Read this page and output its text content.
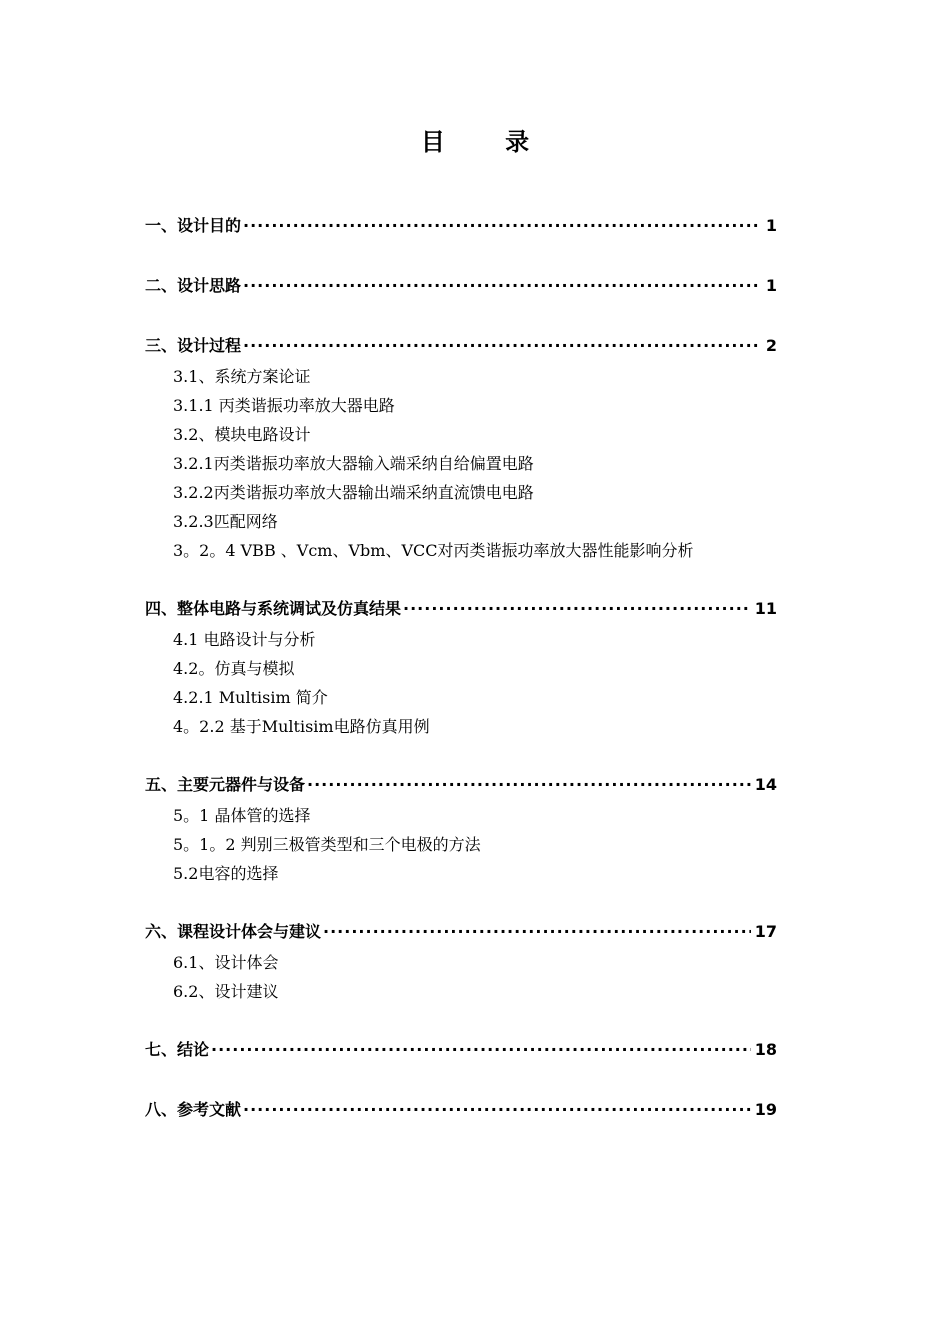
目 录
一、设计目的 ·····	1
二、设计思路 ·····	1
三、设计过程 ·····	2
3.1、系统方案论证
3.1.1 丙类谐振功率放大器电路
3.2、模块电路设计
3.2.1丙类谐振功率放大器输入端采纳自给偏置电路
3.2.2丙类谐振功率放大器输出端采纳直流馈电电路
3.2.3匹配网络
3。2。4 VBB 、Vcm、Vbm、VCC对丙类谐振功率放大器性能影响分析
四、整体电路与系统调试及仿真结果 ·····	11
4.1 电路设计与分析
4.2。仿真与模拟
4.2.1 Multisim 简介
4。2.2 基于Multisim电路仿真用例
五、主要元器件与设备 ·····	14
5。1 晶体管的选择
5。1。2 判别三极管类型和三个电极的方法
5.2电容的选择
六、课程设计体会与建议 ·····	17
6.1、设计体会
6.2、设计建议
七、结论 ·····	18
八、参考文献 ·····	19
